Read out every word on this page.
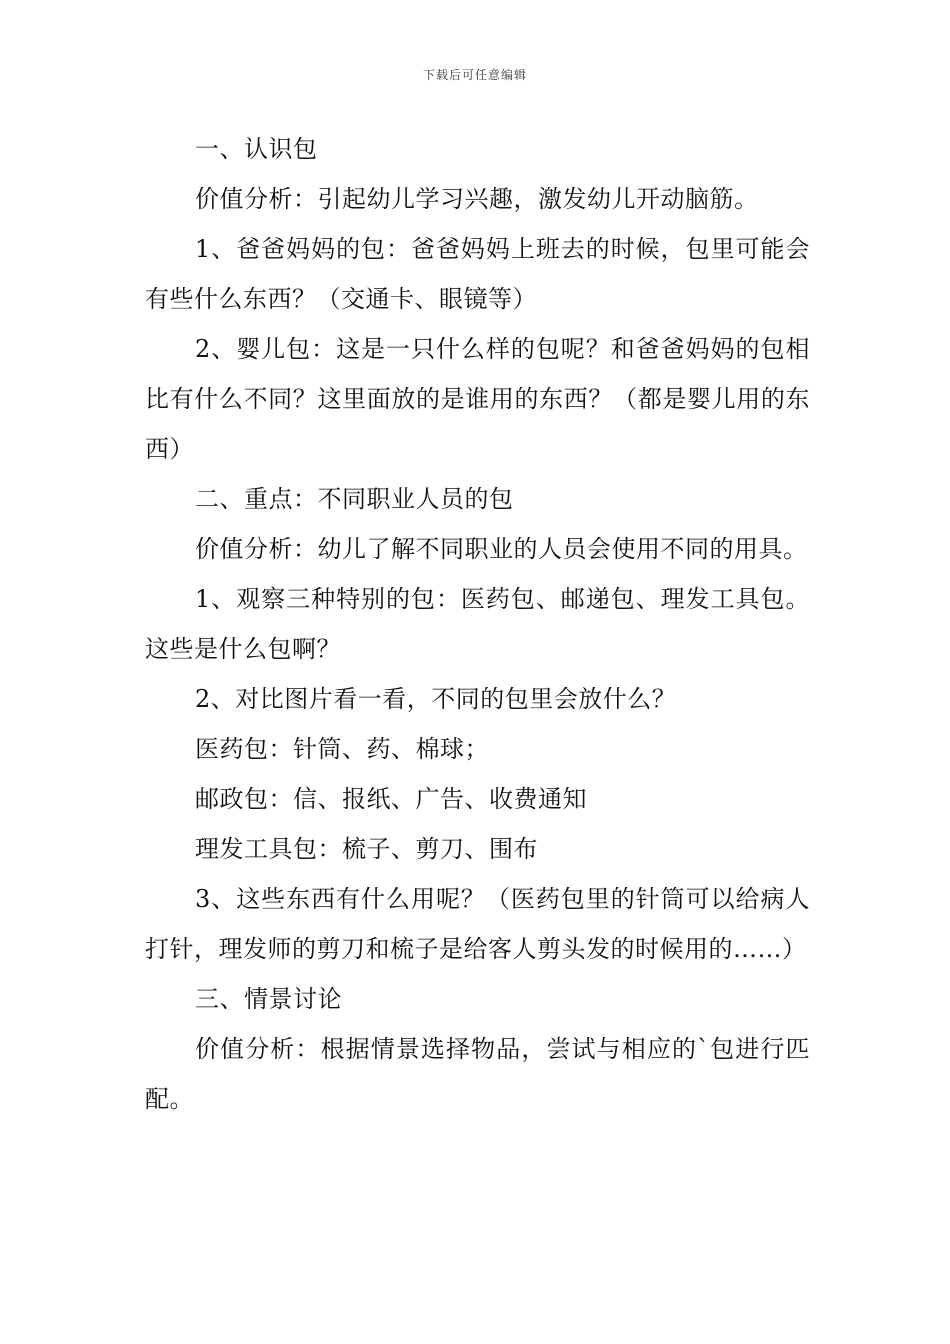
下载后可任意编辑

一、认识包

价值分析：引起幼儿学习兴趣，激发幼儿开动脑筋。

1、爸爸妈妈的包：爸爸妈妈上班去的时候，包里可能会有些什么东西？（交通卡、眼镜等）

2、婴儿包：这是一只什么样的包呢？和爸爸妈妈的包相比有什么不同？这里面放的是谁用的东西？（都是婴儿用的东西）

二、重点：不同职业人员的包

价值分析：幼儿了解不同职业的人员会使用不同的用具。

1、观察三种特别的包：医药包、邮递包、理发工具包。这些是什么包啊？

2、对比图片看一看，不同的包里会放什么？

医药包：针筒、药、棉球；

邮政包：信、报纸、广告、收费通知

理发工具包：梳子、剪刀、围布

3、这些东西有什么用呢？（医药包里的针筒可以给病人打针，理发师的剪刀和梳子是给客人剪头发的时候用的……）

三、情景讨论

价值分析：根据情景选择物品，尝试与相应的`包进行匹配。
